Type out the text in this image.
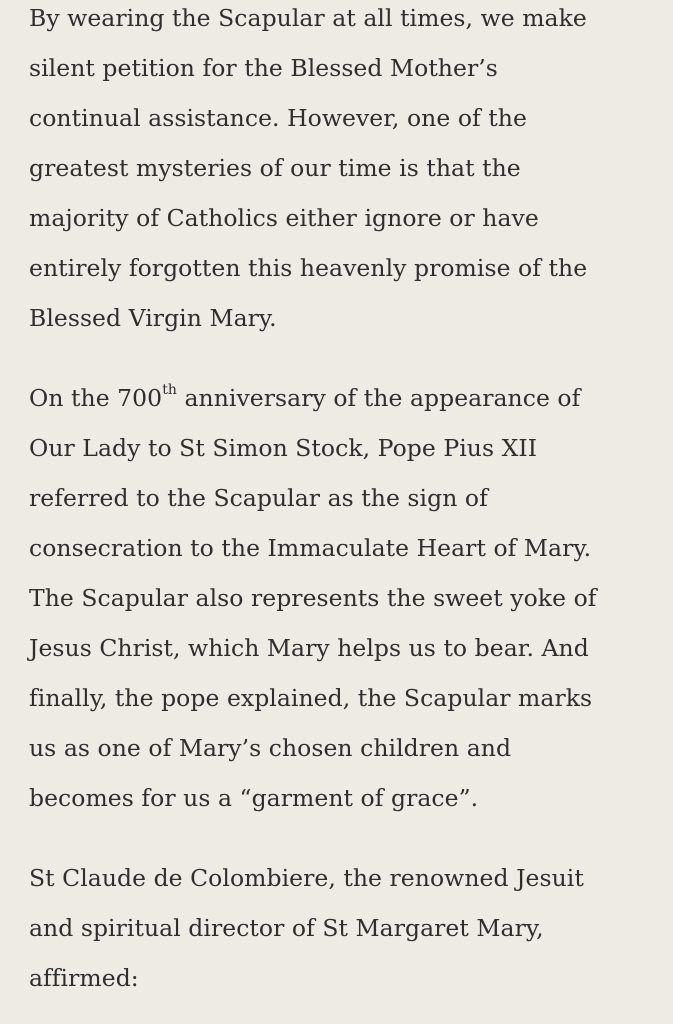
By wearing the Scapular at all times, we make
silent petition for the Blessed Mother’s
continual assistance. However, one of the
greatest mysteries of our time is that the
majority of Catholics either ignore or have
entirely forgotten this heavenly promise of the
Blessed Virgin Mary.

On the 700th anniversary of the appearance of
Our Lady to St Simon Stock, Pope Pius XII
referred to the Scapular as the sign of
consecration to the Immaculate Heart of Mary.
The Scapular also represents the sweet yoke of
Jesus Christ, which Mary helps us to bear. And
finally, the pope explained, the Scapular marks
us as one of Mary’s chosen children and
becomes for us a “garment of grace”.

St Claude de Colombiere, the renowned Jesuit
and spiritual director of St Margaret Mary,
affirmed:
